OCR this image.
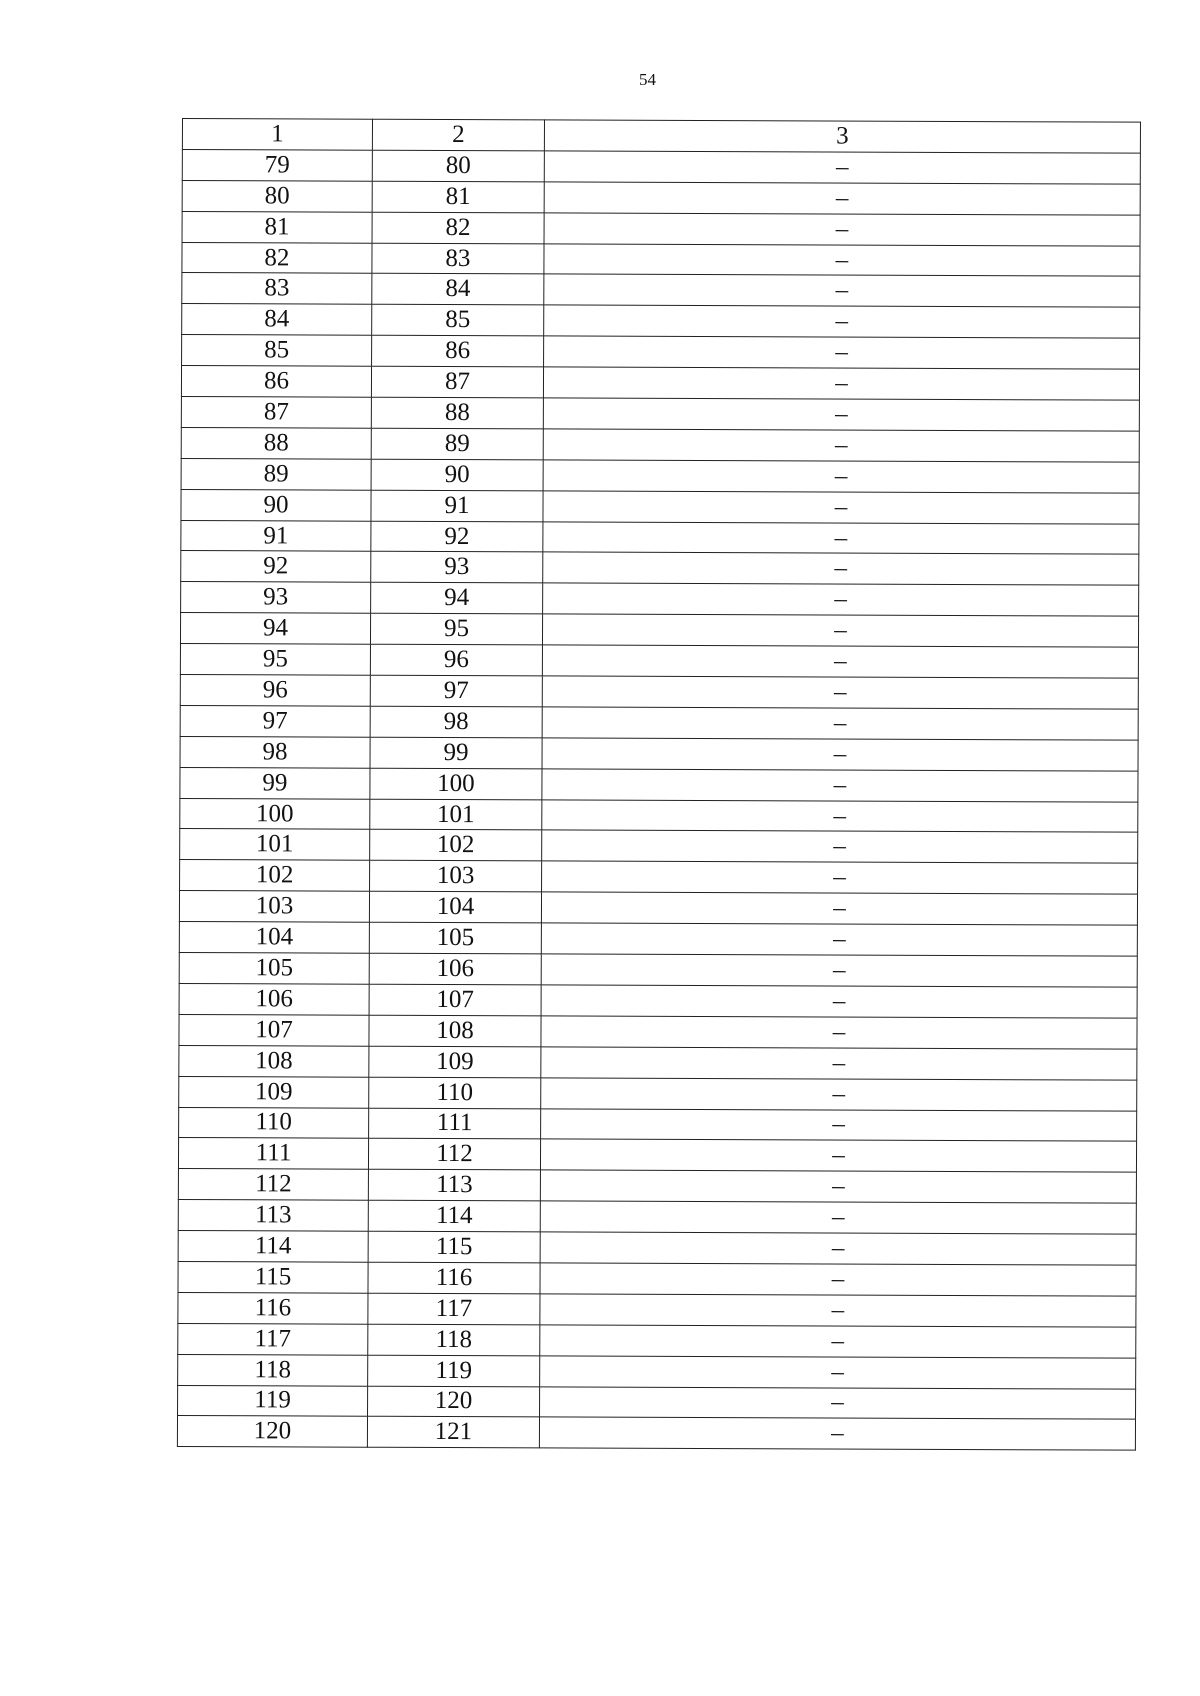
54
1	2	3
79	80	–
80	81	–
81	82	–
82	83	–
83	84	–
84	85	–
85	86	–
86	87	–
87	88	–
88	89	–
89	90	–
90	91	–
91	92	–
92	93	–
93	94	–
94	95	–
95	96	–
96	97	–
97	98	–
98	99	–
99	100	–
100	101	–
101	102	–
102	103	–
103	104	–
104	105	–
105	106	–
106	107	–
107	108	–
108	109	–
109	110	–
110	111	–
111	112	–
112	113	–
113	114	–
114	115	–
115	116	–
116	117	–
117	118	–
118	119	–
119	120	–
120	121	–
